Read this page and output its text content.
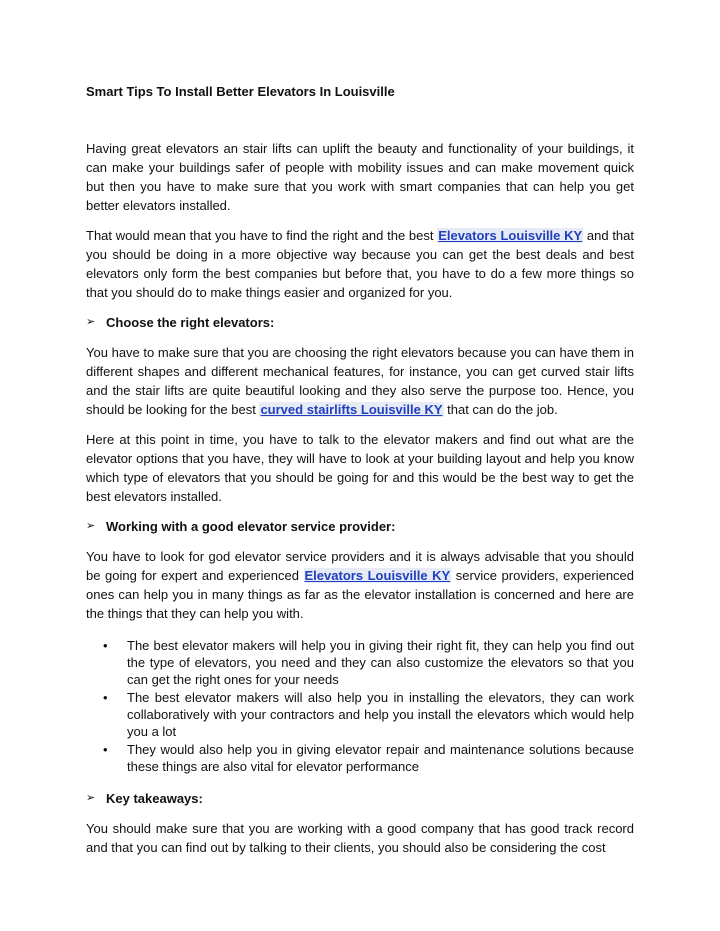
Smart Tips To Install Better Elevators In Louisville

Having great elevators an stair lifts can uplift the beauty and functionality of your buildings, it can make your buildings safer of people with mobility issues and can make movement quick but then you have to make sure that you work with smart companies that can help you get better elevators installed.

That would mean that you have to find the right and the best Elevators Louisville KY and that you should be doing in a more objective way because you can get the best deals and best elevators only form the best companies but before that, you have to do a few more things so that you should do to make things easier and organized for you.

➢ Choose the right elevators:

You have to make sure that you are choosing the right elevators because you can have them in different shapes and different mechanical features, for instance, you can get curved stair lifts and the stair lifts are quite beautiful looking and they also serve the purpose too. Hence, you should be looking for the best curved stairlifts Louisville KY that can do the job.

Here at this point in time, you have to talk to the elevator makers and find out what are the elevator options that you have, they will have to look at your building layout and help you know which type of elevators that you should be going for and this would be the best way to get the best elevators installed.

➢ Working with a good elevator service provider:

You have to look for god elevator service providers and it is always advisable that you should be going for expert and experienced Elevators Louisville KY service providers, experienced ones can help you in many things as far as the elevator installation is concerned and here are the things that they can help you with.

• The best elevator makers will help you in giving their right fit, they can help you find out the type of elevators, you need and they can also customize the elevators so that you can get the right ones for your needs
• The best elevator makers will also help you in installing the elevators, they can work collaboratively with your contractors and help you install the elevators which would help you a lot
• They would also help you in giving elevator repair and maintenance solutions because these things are also vital for elevator performance
➢ Key takeaways:

You should make sure that you are working with a good company that has good track record and that you can find out by talking to their clients, you should also be considering the cost
